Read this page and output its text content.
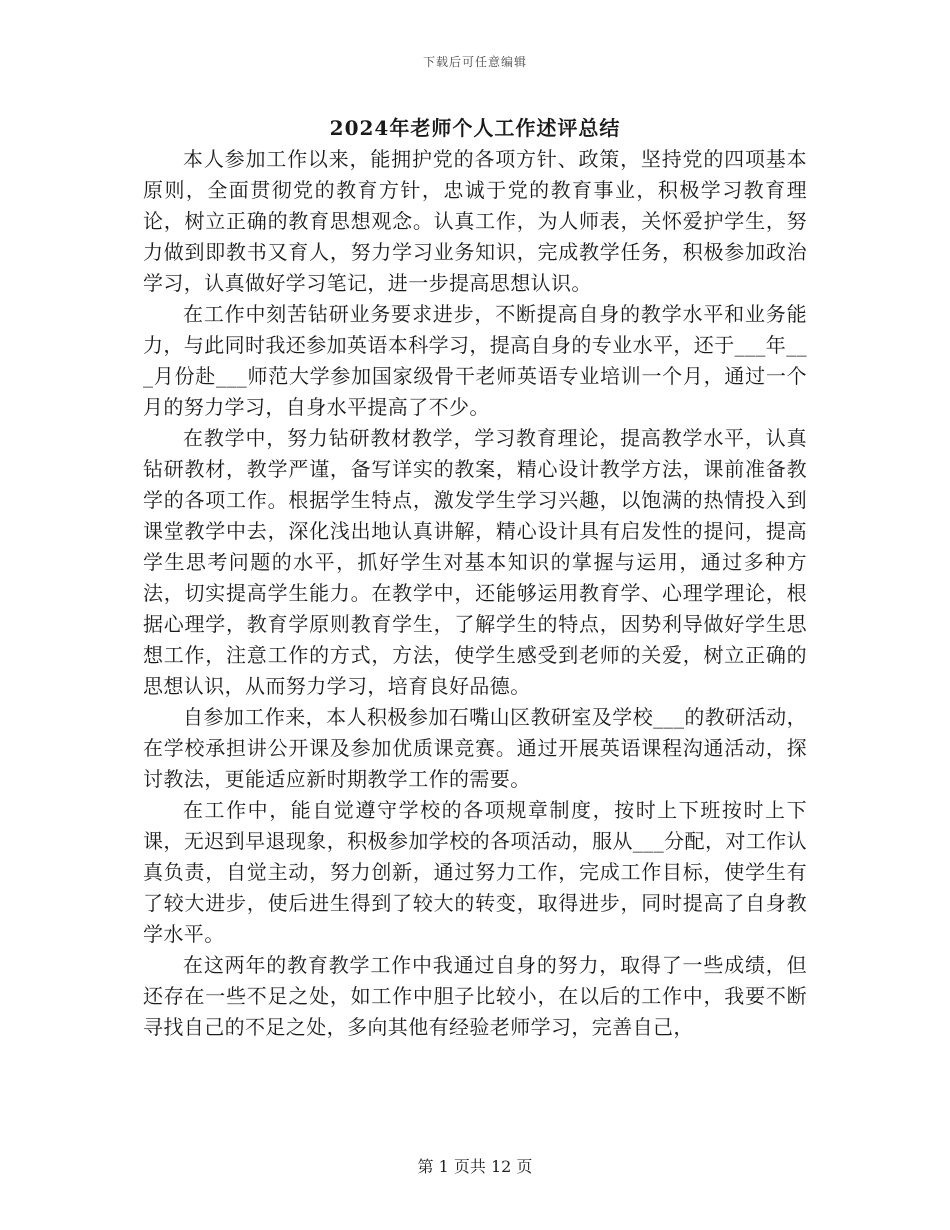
下载后可任意编辑
2024年老师个人工作述评总结

本人参加工作以来，能拥护党的各项方针、政策，坚持党的四项基本原则，全面贯彻党的教育方针，忠诚于党的教育事业，积极学习教育理论，树立正确的教育思想观念。认真工作，为人师表，关怀爱护学生，努力做到即教书又育人，努力学习业务知识，完成教学任务，积极参加政治学习，认真做好学习笔记，进一步提高思想认识。

在工作中刻苦钻研业务要求进步，不断提高自身的教学水平和业务能力，与此同时我还参加英语本科学习，提高自身的专业水平，还于___年___月份赴___师范大学参加国家级骨干老师英语专业培训一个月，通过一个月的努力学习，自身水平提高了不少。

在教学中，努力钻研教材教学，学习教育理论，提高教学水平，认真钻研教材，教学严谨，备写详实的教案，精心设计教学方法，课前准备教学的各项工作。根据学生特点，激发学生学习兴趣，以饱满的热情投入到课堂教学中去，深化浅出地认真讲解，精心设计具有启发性的提问，提高学生思考问题的水平，抓好学生对基本知识的掌握与运用，通过多种方法，切实提高学生能力。在教学中，还能够运用教育学、心理学理论，根据心理学，教育学原则教育学生，了解学生的特点，因势利导做好学生思想工作，注意工作的方式，方法，使学生感受到老师的关爱，树立正确的思想认识，从而努力学习，培育良好品德。

自参加工作来，本人积极参加石嘴山区教研室及学校___的教研活动，在学校承担讲公开课及参加优质课竞赛。通过开展英语课程沟通活动，探讨教法，更能适应新时期教学工作的需要。

在工作中，能自觉遵守学校的各项规章制度，按时上下班按时上下课，无迟到早退现象，积极参加学校的各项活动，服从___分配，对工作认真负责，自觉主动，努力创新，通过努力工作，完成工作目标，使学生有了较大进步，使后进生得到了较大的转变，取得进步，同时提高了自身教学水平。

在这两年的教育教学工作中我通过自身的努力，取得了一些成绩，但还存在一些不足之处，如工作中胆子比较小，在以后的工作中，我要不断寻找自己的不足之处，多向其他有经验老师学习，完善自己，

第 1 页共 12 页
